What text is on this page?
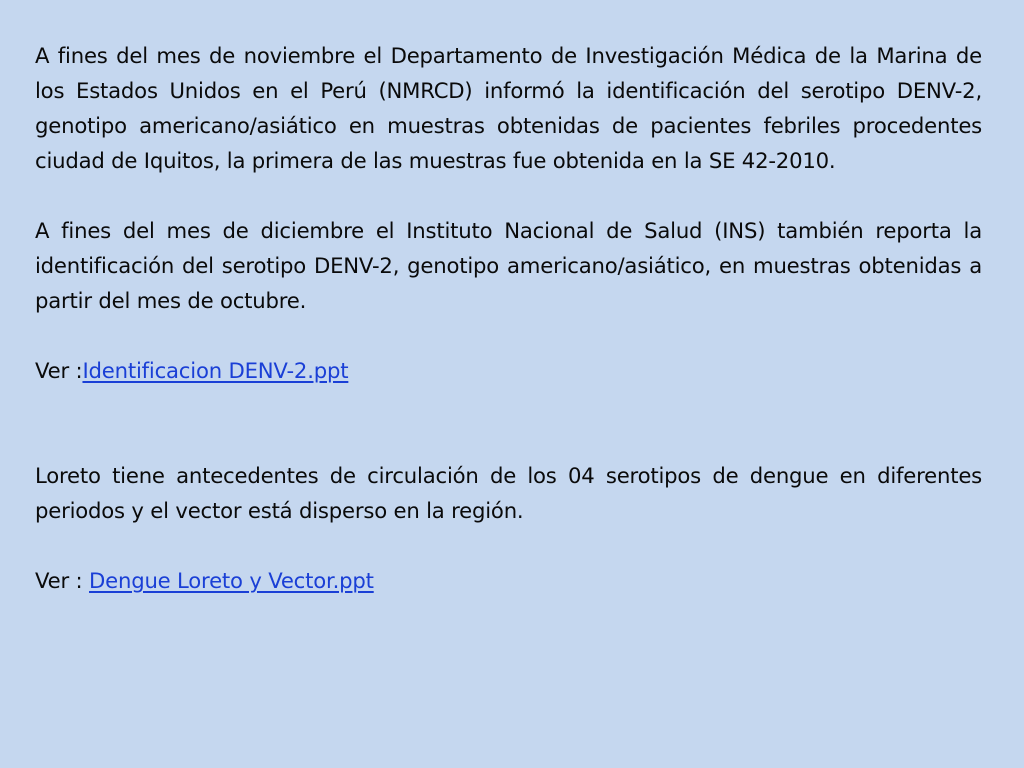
A fines del mes de noviembre el Departamento de Investigación Médica de la Marina de los Estados Unidos en el Perú (NMRCD) informó la identificación del serotipo DENV-2, genotipo americano/asiático en muestras obtenidas de pacientes febriles procedentes ciudad de Iquitos, la primera de las muestras fue obtenida en la SE 42-2010.

A fines del mes de diciembre el Instituto Nacional de Salud (INS) también reporta la identificación del serotipo DENV-2, genotipo americano/asiático, en muestras obtenidas a partir del mes de octubre.

Ver :Identificacion DENV-2.ppt

Loreto tiene antecedentes de circulación de los 04 serotipos de dengue en diferentes periodos y el vector está disperso en la región.

Ver : Dengue Loreto y Vector.ppt
